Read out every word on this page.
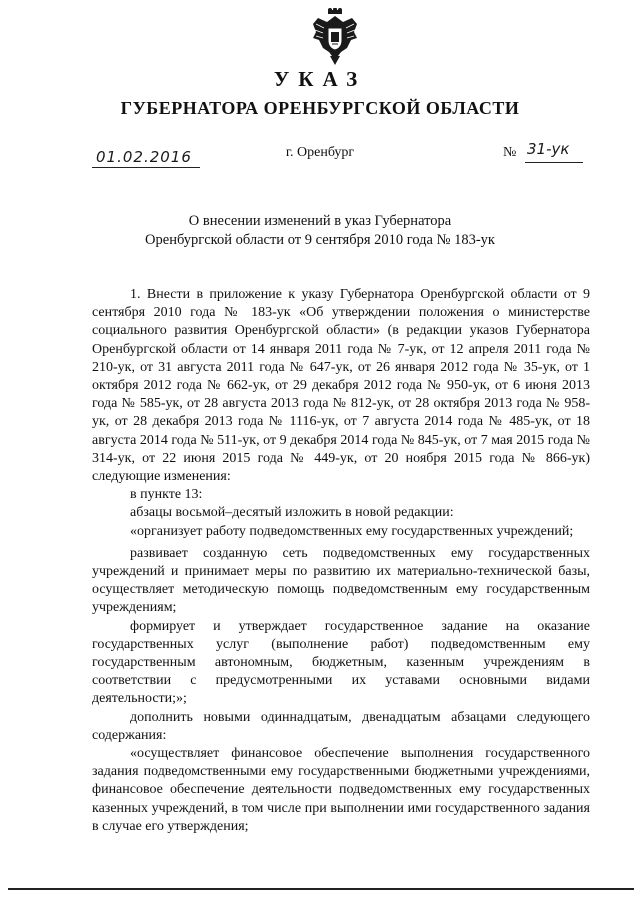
УКАЗ
ГУБЕРНАТОРА ОРЕНБУРГСКОЙ ОБЛАСТИ
01.02.2016	г. Оренбург	№ 31-ук
О внесении изменений в указ Губернатора
Оренбургской области от 9 сентября 2010 года № 183-ук

1. Внести в приложение к указу Губернатора Оренбургской области от 9 сентября 2010 года № 183-ук «Об утверждении положения о министерстве социального развития Оренбургской области» (в редакции указов Губернатора Оренбургской области от 14 января 2011 года № 7-ук, от 12 апреля 2011 года № 210-ук, от 31 августа 2011 года № 647-ук, от 26 января 2012 года № 35-ук, от 1 октября 2012 года № 662-ук, от 29 декабря 2012 года № 950-ук, от 6 июня 2013 года № 585-ук, от 28 августа 2013 года № 812-ук, от 28 октября 2013 года № 958-ук, от 28 декабря 2013 года № 1116-ук, от 7 августа 2014 года № 485-ук, от 18 августа 2014 года № 511-ук, от 9 декабря 2014 года № 845-ук, от 7 мая 2015 года № 314-ук, от 22 июня 2015 года № 449-ук, от 20 ноября 2015 года № 866-ук) следующие изменения:

в пункте 13:

абзацы восьмой–десятый изложить в новой редакции:

«организует работу подведомственных ему государственных учреждений;

развивает созданную сеть подведомственных ему государственных учреждений и принимает меры по развитию их материально-технической базы, осуществляет методическую помощь подведомственным ему государственным учреждениям;

формирует и утверждает государственное задание на оказание государственных услуг (выполнение работ) подведомственным ему государственным автономным, бюджетным, казенным учреждениям в соответствии с предусмотренными их уставами основными видами деятельности;»;

дополнить новыми одиннадцатым, двенадцатым абзацами следующего содержания:

«осуществляет финансовое обеспечение выполнения государственного задания подведомственными ему государственными бюджетными учреждениями, финансовое обеспечение деятельности подведомственных ему государственных казенных учреждений, в том числе при выполнении ими государственного задания в случае его утверждения;
